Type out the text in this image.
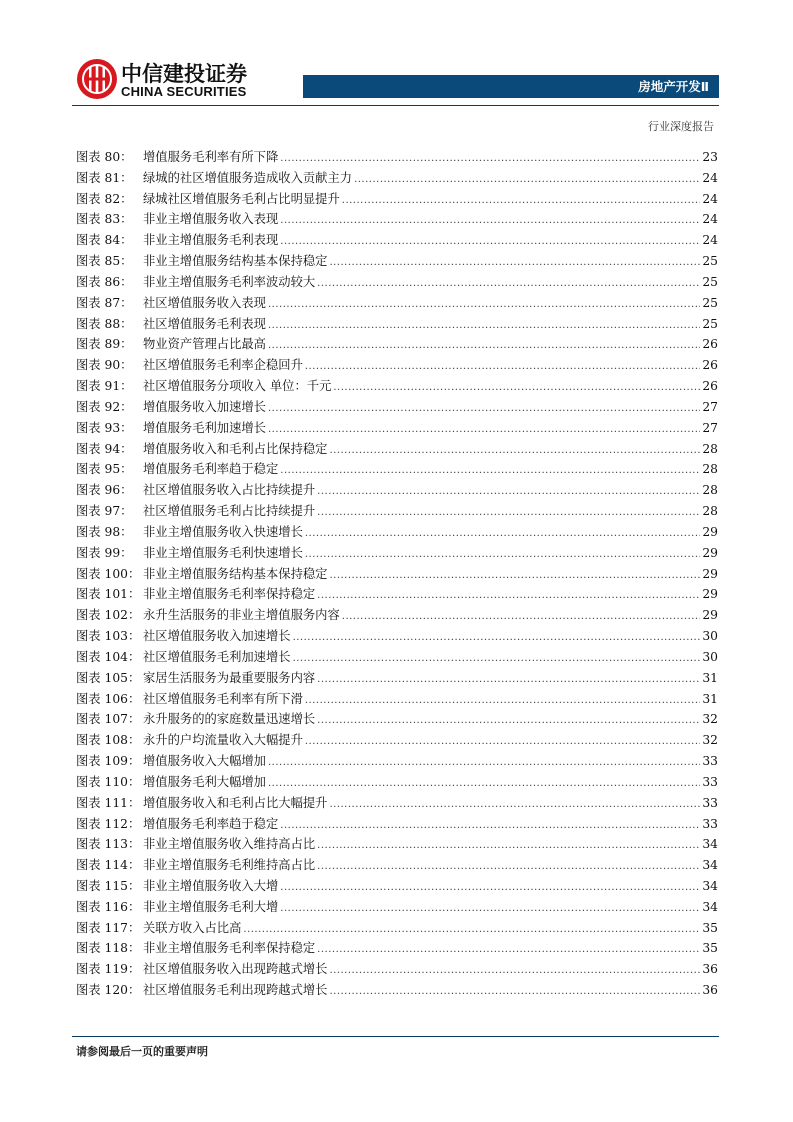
中信建投证券
CHINA SECURITIES	房地产开发Ⅱ
行业深度报告
图表 80： 增值服务毛利率有所下降 .....	23
图表 81： 绿城的社区增值服务造成收入贡献主力 .....	24
图表 82： 绿城社区增值服务毛利占比明显提升 .....	24
图表 83： 非业主增值服务收入表现 .....	24
图表 84： 非业主增值服务毛利表现 .....	24
图表 85： 非业主增值服务结构基本保持稳定 .....	25
图表 86： 非业主增值服务毛利率波动较大 .....	25
图表 87： 社区增值服务收入表现 .....	25
图表 88： 社区增值服务毛利表现 .....	25
图表 89： 物业资产管理占比最高 .....	26
图表 90： 社区增值服务毛利率企稳回升 .....	26
图表 91： 社区增值服务分项收入 单位：千元 .....	26
图表 92： 增值服务收入加速增长 .....	27
图表 93： 增值服务毛利加速增长 .....	27
图表 94： 增值服务收入和毛利占比保持稳定 .....	28
图表 95： 增值服务毛利率趋于稳定 .....	28
图表 96： 社区增值服务收入占比持续提升 .....	28
图表 97： 社区增值服务毛利占比持续提升 .....	28
图表 98： 非业主增值服务收入快速增长 .....	29
图表 99： 非业主增值服务毛利快速增长 .....	29
图表 100： 非业主增值服务结构基本保持稳定 .....	29
图表 101： 非业主增值服务毛利率保持稳定 .....	29
图表 102： 永升生活服务的非业主增值服务内容 .....	29
图表 103： 社区增值服务收入加速增长 .....	30
图表 104： 社区增值服务毛利加速增长 .....	30
图表 105： 家居生活服务为最重要服务内容 .....	31
图表 106： 社区增值服务毛利率有所下滑 .....	31
图表 107： 永升服务的的家庭数量迅速增长 .....	32
图表 108： 永升的户均流量收入大幅提升 .....	32
图表 109： 增值服务收入大幅增加 .....	33
图表 110： 增值服务毛利大幅增加 .....	33
图表 111： 增值服务收入和毛利占比大幅提升 .....	33
图表 112： 增值服务毛利率趋于稳定 .....	33
图表 113： 非业主增值服务收入维持高占比 .....	34
图表 114： 非业主增值服务毛利维持高占比 .....	34
图表 115： 非业主增值服务收入大增 .....	34
图表 116： 非业主增值服务毛利大增 .....	34
图表 117： 关联方收入占比高 .....	35
图表 118： 非业主增值服务毛利率保持稳定 .....	35
图表 119： 社区增值服务收入出现跨越式增长 .....	36
图表 120： 社区增值服务毛利出现跨越式增长 .....	36
请参阅最后一页的重要声明
